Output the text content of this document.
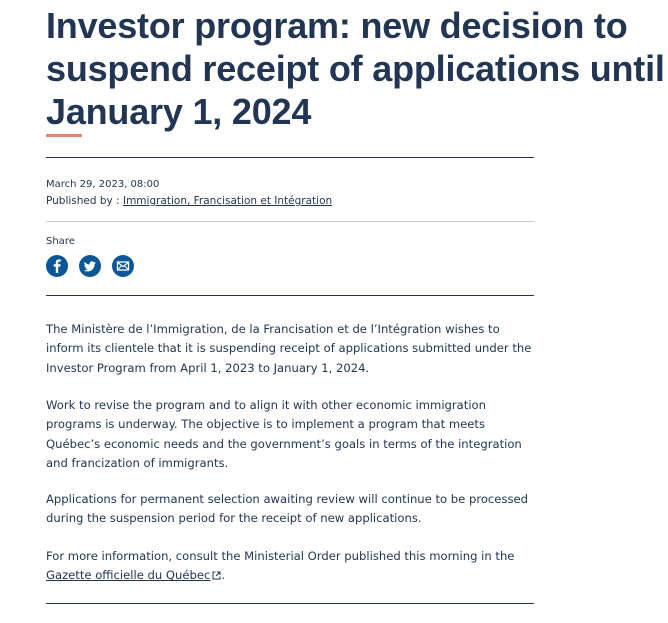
Investor program: new decision to suspend receipt of applications until January 1, 2024
March 29, 2023, 08:00
Published by : Immigration, Francisation et Intégration
Share

The Ministère de l’Immigration, de la Francisation et de l’Intégration wishes to inform its clientele that it is suspending receipt of applications submitted under the Investor Program from April 1, 2023 to January 1, 2024.

Work to revise the program and to align it with other economic immigration programs is underway. The objective is to implement a program that meets Québec’s economic needs and the government’s goals in terms of the integration and francization of immigrants.

Applications for permanent selection awaiting review will continue to be processed during the suspension period for the receipt of new applications.

For more information, consult the Ministerial Order published this morning in the Gazette officielle du Québec .
